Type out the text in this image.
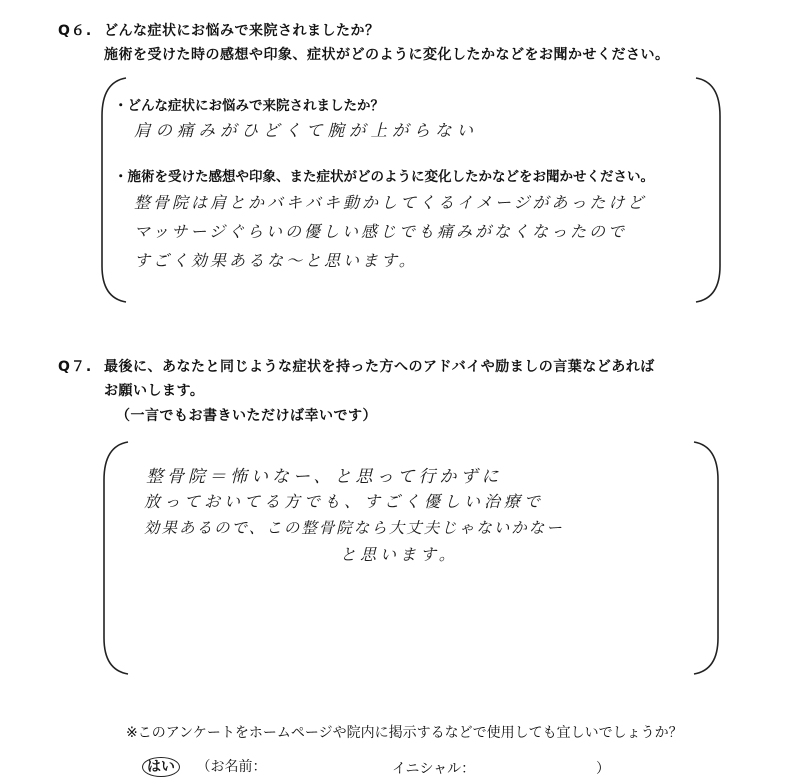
Q６. どんな症状にお悩みで来院されましたか？
施術を受けた時の感想や印象、症状がどのように変化したかなどをお聞かせください。
・どんな症状にお悩みで来院されましたか？
肩の痛みがひどくて腕が上がらない
・施術を受けた感想や印象、また症状がどのように変化したかなどをお聞かせください。
整骨院は肩とかバキバキ動かしてくるイメージがあったけど
マッサージぐらいの優しい感じでも痛みがなくなったので
すごく効果あるな～と思います。
Q７. 最後に、あなたと同じような症状を持った方へのアドバイや励ましの言葉などあれば
お願いします。
（一言でもお書きいただけば幸いです）
整骨院＝怖いなー、と思って行かずに
放っておいてる方でも、すごく優しい治療で
効果あるので、この整骨院なら大丈夫じゃないかなー
と思います。
※このアンケートをホームページや院内に掲示するなどで使用しても宜しいでしょうか？
はい （お名前：	イニシャル：	）
